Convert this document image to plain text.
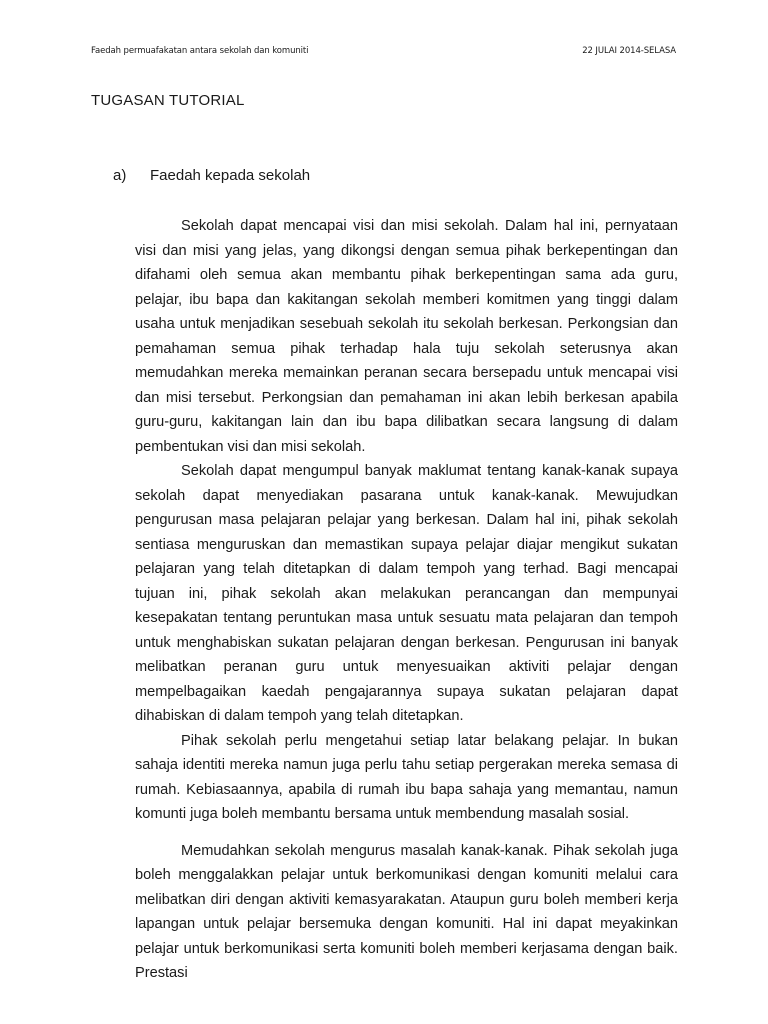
Faedah permuafakatan antara sekolah dan komuniti	22 JULAI 2014-SELASA
TUGASAN TUTORIAL
a) Faedah kepada sekolah

Sekolah dapat mencapai visi dan misi sekolah. Dalam hal ini, pernyataan visi dan misi yang jelas, yang dikongsi dengan semua pihak berkepentingan dan difahami oleh semua akan membantu pihak berkepentingan sama ada guru, pelajar, ibu bapa dan kakitangan sekolah memberi komitmen yang tinggi dalam usaha untuk menjadikan sesebuah sekolah itu sekolah berkesan. Perkongsian dan pemahaman semua pihak terhadap hala tuju sekolah seterusnya akan memudahkan mereka memainkan peranan secara bersepadu untuk mencapai visi dan misi tersebut. Perkongsian dan pemahaman ini akan lebih berkesan apabila guru-guru, kakitangan lain dan ibu bapa dilibatkan secara langsung di dalam pembentukan visi dan misi sekolah.

Sekolah dapat mengumpul banyak maklumat tentang kanak-kanak supaya sekolah dapat menyediakan pasarana untuk kanak-kanak. Mewujudkan pengurusan masa pelajaran pelajar yang berkesan. Dalam hal ini, pihak sekolah sentiasa menguruskan dan memastikan supaya pelajar diajar mengikut sukatan pelajaran yang telah ditetapkan di dalam tempoh yang terhad. Bagi mencapai tujuan ini, pihak sekolah akan melakukan perancangan dan mempunyai kesepakatan tentang peruntukan masa untuk sesuatu mata pelajaran dan tempoh untuk menghabiskan sukatan pelajaran dengan berkesan. Pengurusan ini banyak melibatkan peranan guru untuk menyesuaikan aktiviti pelajar dengan mempelbagaikan kaedah pengajarannya supaya sukatan pelajaran dapat dihabiskan di dalam tempoh yang telah ditetapkan.

Pihak sekolah perlu mengetahui setiap latar belakang pelajar. In bukan sahaja identiti mereka namun juga perlu tahu setiap pergerakan mereka semasa di rumah. Kebiasaannya, apabila di rumah ibu bapa sahaja yang memantau, namun komunti juga boleh membantu bersama untuk membendung masalah sosial.

Memudahkan sekolah mengurus masalah kanak-kanak. Pihak sekolah juga boleh menggalakkan pelajar untuk berkomunikasi dengan komuniti melalui cara melibatkan diri dengan aktiviti kemasyarakatan. Ataupun guru boleh memberi kerja lapangan untuk pelajar bersemuka dengan komuniti. Hal ini dapat meyakinkan pelajar untuk berkomunikasi serta komuniti boleh memberi kerjasama dengan baik. Prestasi
